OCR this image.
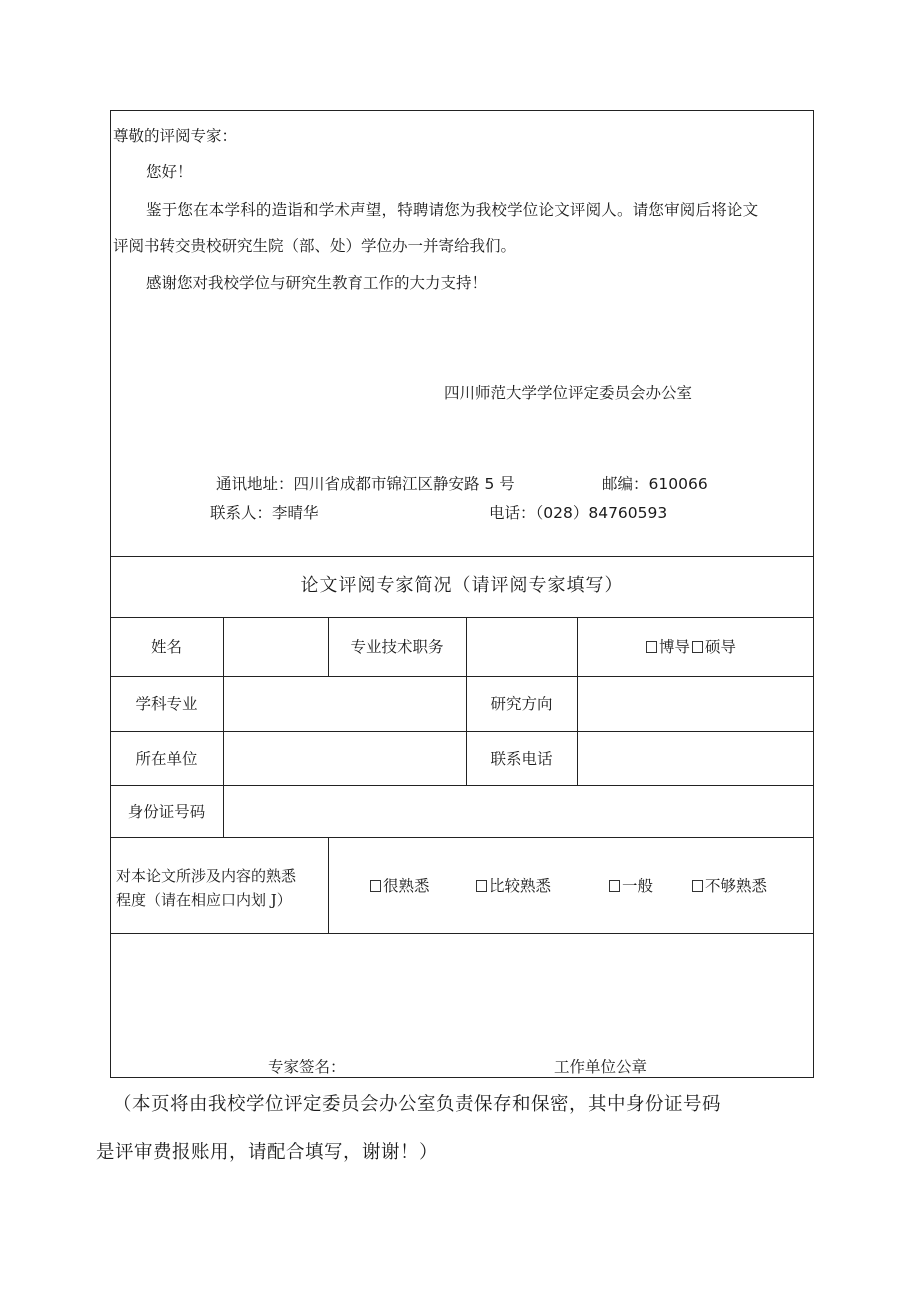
尊敬的评阅专家：
您好！
鉴于您在本学科的造诣和学术声望，特聘请您为我校学位论文评阅人。请您审阅后将论文
评阅书转交贵校研究生院（部、处）学位办一并寄给我们。
感谢您对我校学位与研究生教育工作的大力支持！
四川师范大学学位评定委员会办公室
通讯地址：四川省成都市锦江区静安路 5 号	邮编：610066
联系人：李晴华	电话：（028）84760593
论文评阅专家简况（请评阅专家填写）
姓名	专业技术职务	博导 硕导
学科专业	研究方向
所在单位	联系电话
身份证号码
对本论文所涉及内容的熟悉
程度（请在相应口内划 J）
很熟悉	比较熟悉	一般	不够熟悉
专家签名：	工作单位公章
（本页将由我校学位评定委员会办公室负责保存和保密，其中身份证号码
是评审费报账用，请配合填写，谢谢！）
